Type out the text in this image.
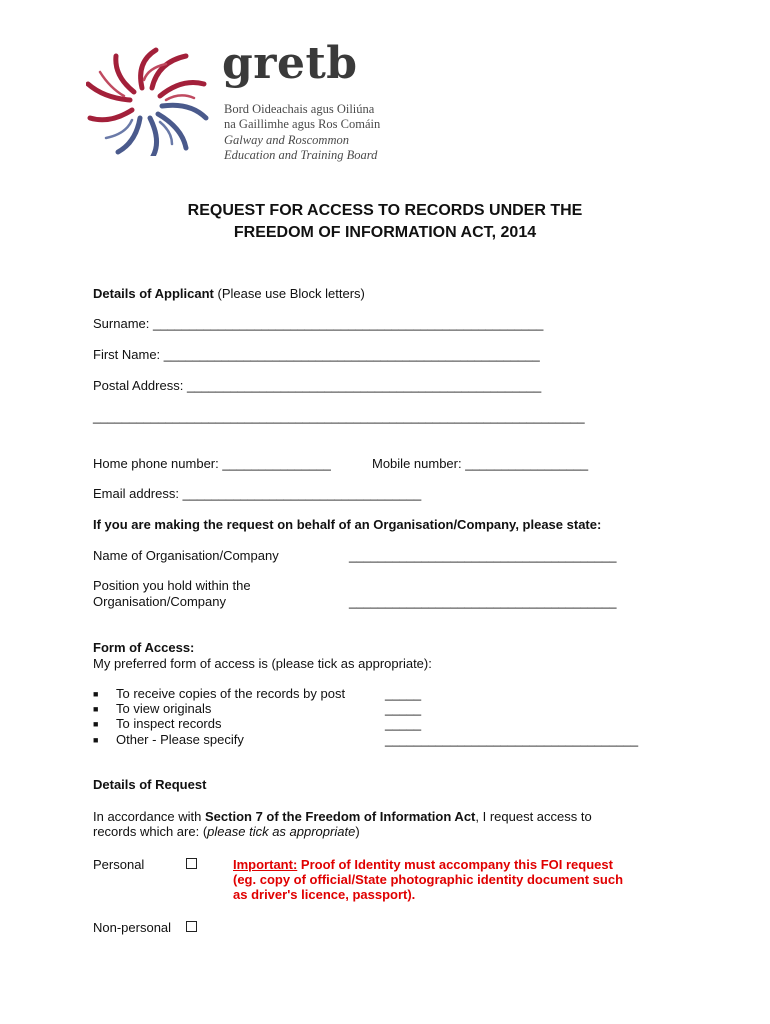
gretb
Bord Oideachais agus Oiliúna
na Gaillimhe agus Ros Comáin
Galway and Roscommon
Education and Training Board
REQUEST FOR ACCESS TO RECORDS UNDER THE
FREEDOM OF INFORMATION ACT, 2014
Details of Applicant (Please use Block letters)
Surname: ______________________________________________________
First Name: ____________________________________________________
Postal Address: _________________________________________________
____________________________________________________________________
Home phone number: _______________	Mobile number: _________________
Email address: _________________________________
If you are making the request on behalf of an Organisation/Company, please state:
Name of Organisation/Company	_____________________________________
Position you hold within the
Organisation/Company	_____________________________________
Form of Access:
My preferred form of access is (please tick as appropriate):
■ To receive copies of the records by post	_____
■ To view originals	_____
■ To inspect records	_____
■ Other - Please specify	___________________________________
Details of Request
In accordance with Section 7 of the Freedom of Information Act, I request access to
records which are: (please tick as appropriate)
Personal	Important: Proof of Identity must accompany this FOI request
(eg. copy of official/State photographic identity document such
as driver's licence, passport).
Non-personal
